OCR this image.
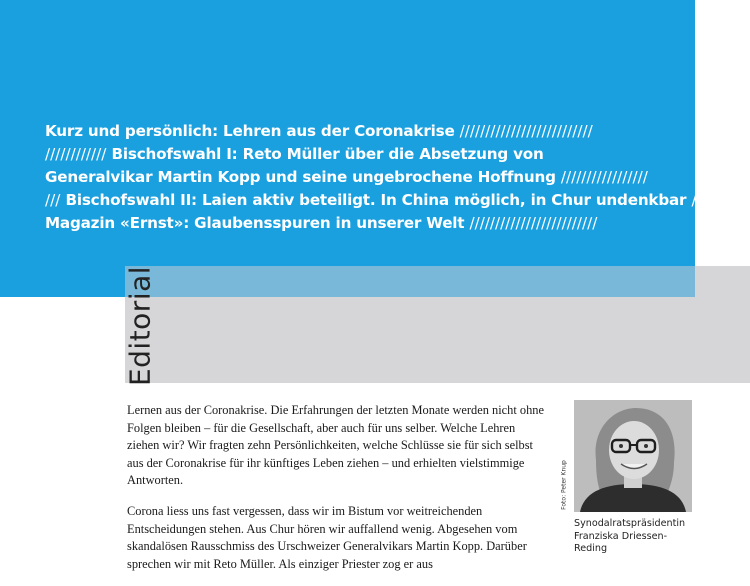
Kurz und persönlich: Lehren aus der Coronakrise //////////////////////////
//////////// Bischofswahl I: Reto Müller über die Absetzung von
Generalvikar Martin Kopp und seine ungebrochene Hoffnung /////////////////
/// Bischofswahl II: Laien aktiv beteiligt. In China möglich, in Chur undenkbar //
Magazin «Ernst»: Glaubensspuren in unserer Welt /////////////////////////
Editorial

Lernen aus der Coronakrise. Die Erfahrungen der letzten Monate werden nicht ohne Folgen bleiben – für die Gesellschaft, aber auch für uns selber. Welche Lehren ziehen wir? Wir fragten zehn Persönlichkeiten, welche Schlüsse sie für sich selbst aus der Coronakrise für ihr künftiges Leben ziehen – und erhielten vielstimmige Antworten.

Corona liess uns fast vergessen, dass wir im Bistum vor weitreichenden Entscheidungen stehen. Aus Chur hören wir auffallend wenig. Abgesehen vom skandalösen Rausschmiss des Urschweizer Generalvikars Martin Kopp. Darüber sprechen wir mit Reto Müller. Als einziger Priester zog er aus

Foto: Peter Knup
Synodalratspräsidentin
Franziska Driessen-
Reding
